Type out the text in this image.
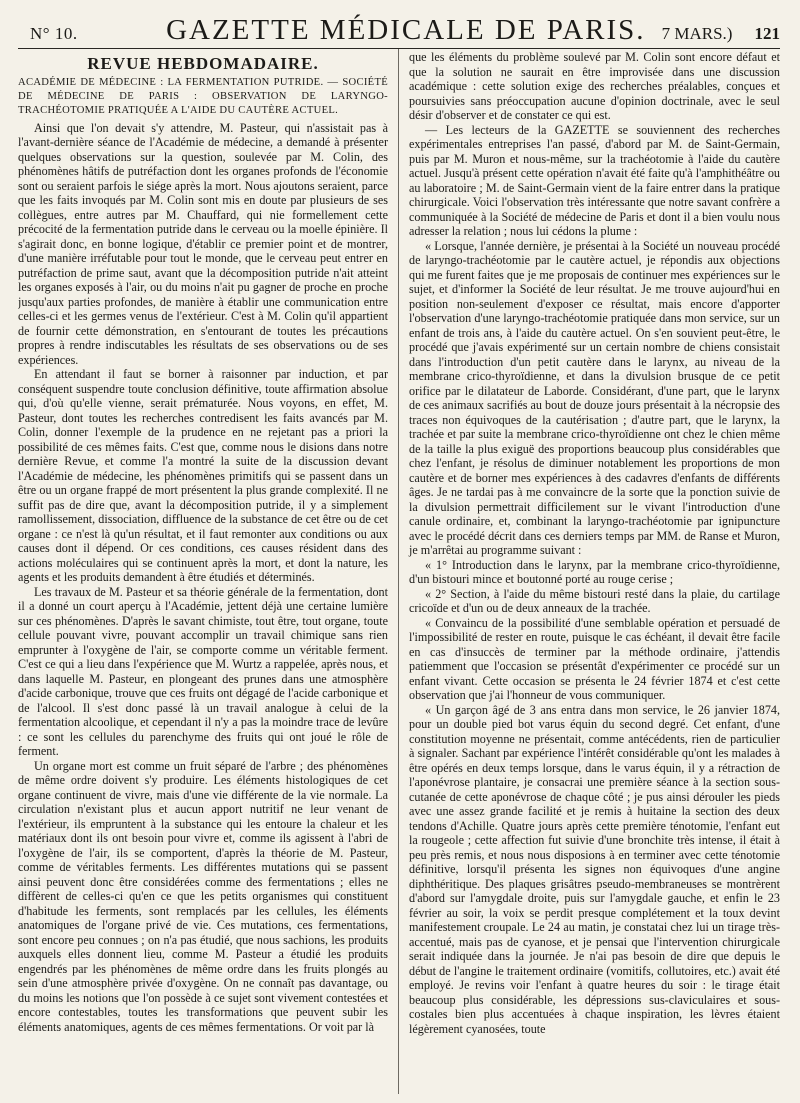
N° 10.	GAZETTE MÉDICALE DE PARIS. 7 MARS.) 121
REVUE HEBDOMADAIRE.
ACADÉMIE DE MÉDECINE : LA FERMENTATION PUTRIDE. — SOCIÉTÉ DE MÉDECINE DE PARIS : OBSERVATION DE LARYNGO-TRACHÉOTOMIE PRATIQUÉE A L'AIDE DU CAUTÈRE ACTUEL.

Ainsi que l'on devait s'y attendre, M. Pasteur, qui n'assistait pas à l'avant-dernière séance de l'Académie de médecine, a demandé à présenter quelques observations sur la question, soulevée par M. Colin, des phénomènes hâtifs de putréfaction dont les organes profonds de l'économie sont ou seraient parfois le siége après la mort. Nous ajoutons seraient, parce que les faits invoqués par M. Colin sont mis en doute par plusieurs de ses collègues, entre autres par M. Chauffard, qui nie formellement cette précocité de la fermentation putride dans le cerveau ou la moelle épinière. Il s'agirait donc, en bonne logique, d'établir ce premier point et de montrer, d'une manière irréfutable pour tout le monde, que le cerveau peut entrer en putréfaction de prime saut, avant que la décomposition putride n'ait atteint les organes exposés à l'air, ou du moins n'ait pu gagner de proche en proche jusqu'aux parties profondes, de manière à établir une communication entre celles-ci et les germes venus de l'extérieur. C'est à M. Colin qu'il appartient de fournir cette démonstration, en s'entourant de toutes les précautions propres à rendre indiscutables les résultats de ses observations ou de ses expériences.

En attendant il faut se borner à raisonner par induction, et par conséquent suspendre toute conclusion définitive, toute affirmation absolue qui, d'où qu'elle vienne, serait prématurée. Nous voyons, en effet, M. Pasteur, dont toutes les recherches contredisent les faits avancés par M. Colin, donner l'exemple de la prudence en ne rejetant pas a priori la possibilité de ces mêmes faits. C'est que, comme nous le disions dans notre dernière Revue, et comme l'a montré la suite de la discussion devant l'Académie de médecine, les phénomènes primitifs qui se passent dans un être ou un organe frappé de mort présentent la plus grande complexité. Il ne suffit pas de dire que, avant la décomposition putride, il y a simplement ramollissement, dissociation, diffluence de la substance de cet être ou de cet organe : ce n'est là qu'un résultat, et il faut remonter aux conditions ou aux causes dont il dépend. Or ces conditions, ces causes résident dans des actions moléculaires qui se continuent après la mort, et dont la nature, les agents et les produits demandent à être étudiés et déterminés.

Les travaux de M. Pasteur et sa théorie générale de la fermentation, dont il a donné un court aperçu à l'Académie, jettent déjà une certaine lumière sur ces phénomènes. D'après le savant chimiste, tout être, tout organe, toute cellule pouvant vivre, pouvant accomplir un travail chimique sans rien emprunter à l'oxygène de l'air, se comporte comme un véritable ferment. C'est ce qui a lieu dans l'expérience que M. Wurtz a rappelée, après nous, et dans laquelle M. Pasteur, en plongeant des prunes dans une atmosphère d'acide carbonique, trouve que ces fruits ont dégagé de l'acide carbonique et de l'alcool. Il s'est donc passé là un travail analogue à celui de la fermentation alcoolique, et cependant il n'y a pas la moindre trace de levûre : ce sont les cellules du parenchyme des fruits qui ont joué le rôle de ferment.

Un organe mort est comme un fruit séparé de l'arbre ; des phénomènes de même ordre doivent s'y produire. Les éléments histologiques de cet organe continuent de vivre, mais d'une vie différente de la vie normale. La circulation n'existant plus et aucun apport nutritif ne leur venant de l'extérieur, ils empruntent à la substance qui les entoure la chaleur et les matériaux dont ils ont besoin pour vivre et, comme ils agissent à l'abri de l'oxygène de l'air, ils se comportent, d'après la théorie de M. Pasteur, comme de véritables ferments. Les différentes mutations qui se passent ainsi peuvent donc être considérées comme des fermentations ; elles ne diffèrent de celles-ci qu'en ce que les petits organismes qui constituent d'habitude les ferments, sont remplacés par les cellules, les éléments anatomiques de l'organe privé de vie. Ces mutations, ces fermentations, sont encore peu connues ; on n'a pas étudié, que nous sachions, les produits auxquels elles donnent lieu, comme M. Pasteur a étudié les produits engendrés par les phénomènes de même ordre dans les fruits plongés au sein d'une atmosphère privée d'oxygène. On ne connaît pas davantage, ou du moins les notions que l'on possède à ce sujet sont vivement contestées et encore contestables, toutes les transformations que peuvent subir les éléments anatomiques, agents de ces mêmes fermentations. Or voit par là

que les éléments du problème soulevé par M. Colin sont encore défaut et que la solution ne saurait en être improvisée dans une discussion académique : cette solution exige des recherches préalables, conçues et poursuivies sans préoccupation aucune d'opinion doctrinale, avec le seul désir d'observer et de constater ce qui est.

— Les lecteurs de la GAZETTE se souviennent des recherches expérimentales entreprises l'an passé, d'abord par M. de Saint-Germain, puis par M. Muron et nous-même, sur la trachéotomie à l'aide du cautère actuel. Jusqu'à présent cette opération n'avait été faite qu'à l'amphithéâtre ou au laboratoire ; M. de Saint-Germain vient de la faire entrer dans la pratique chirurgicale. Voici l'observation très intéressante que notre savant confrère a communiquée à la Société de médecine de Paris et dont il a bien voulu nous adresser la relation ; nous lui cédons la plume :

« Lorsque, l'année dernière, je présentai à la Société un nouveau procédé de laryngo-trachéotomie par le cautère actuel, je répondis aux objections qui me furent faites que je me proposais de continuer mes expériences sur le sujet, et d'informer la Société de leur résultat. Je me trouve aujourd'hui en position non-seulement d'exposer ce résultat, mais encore d'apporter l'observation d'une laryngo-trachéotomie pratiquée dans mon service, sur un enfant de trois ans, à l'aide du cautère actuel. On s'en souvient peut-être, le procédé que j'avais expérimenté sur un certain nombre de chiens consistait dans l'introduction d'un petit cautère dans le larynx, au niveau de la membrane crico-thyroïdienne, et dans la divulsion brusque de ce petit orifice par le dilatateur de Laborde. Considérant, d'une part, que le larynx de ces animaux sacrifiés au bout de douze jours présentait à la nécropsie des traces non équivoques de la cautérisation ; d'autre part, que le larynx, la trachée et par suite la membrane crico-thyroïdienne ont chez le chien même de la taille la plus exiguë des proportions beaucoup plus considérables que chez l'enfant, je résolus de diminuer notablement les proportions de mon cautère et de borner mes expériences à des cadavres d'enfants de différents âges. Je ne tardai pas à me convaincre de la sorte que la ponction suivie de la divulsion permettrait difficilement sur le vivant l'introduction d'une canule ordinaire, et, combinant la laryngo-trachéotomie par ignipuncture avec le procédé décrit dans ces derniers temps par MM. de Ranse et Muron, je m'arrêtai au programme suivant :

« 1° Introduction dans le larynx, par la membrane crico-thyroïdienne, d'un bistouri mince et boutonné porté au rouge cerise ;

« 2° Section, à l'aide du même bistouri resté dans la plaie, du cartilage cricoïde et d'un ou de deux anneaux de la trachée.

« Convaincu de la possibilité d'une semblable opération et persuadé de l'impossibilité de rester en route, puisque le cas échéant, il devait être facile en cas d'insuccès de terminer par la méthode ordinaire, j'attendis patiemment que l'occasion se présentât d'expérimenter ce procédé sur un enfant vivant. Cette occasion se présenta le 24 février 1874 et c'est cette observation que j'ai l'honneur de vous communiquer.

« Un garçon âgé de 3 ans entra dans mon service, le 26 janvier 1874, pour un double pied bot varus équin du second degré. Cet enfant, d'une constitution moyenne ne présentait, comme antécédents, rien de particulier à signaler. Sachant par expérience l'intérêt considérable qu'ont les malades à être opérés en deux temps lorsque, dans le varus équin, il y a rétraction de l'aponévrose plantaire, je consacrai une première séance à la section sous-cutanée de cette aponévrose de chaque côté ; je pus ainsi dérouler les pieds avec une assez grande facilité et je remis à huitaine la section des deux tendons d'Achille. Quatre jours après cette première ténotomie, l'enfant eut la rougeole ; cette affection fut suivie d'une bronchite très intense, il était à peu près remis, et nous nous disposions à en terminer avec cette ténotomie définitive, lorsqu'il présenta les signes non équivoques d'une angine diphthéritique. Des plaques grisâtres pseudo-membraneuses se montrèrent d'abord sur l'amygdale droite, puis sur l'amygdale gauche, et enfin le 23 février au soir, la voix se perdit presque complétement et la toux devint manifestement croupale. Le 24 au matin, je constatai chez lui un tirage très-accentué, mais pas de cyanose, et je pensai que l'intervention chirurgicale serait indiquée dans la journée. Je n'ai pas besoin de dire que depuis le début de l'angine le traitement ordinaire (vomitifs, collutoires, etc.) avait été employé. Je revins voir l'enfant à quatre heures du soir : le tirage était beaucoup plus considérable, les dépressions sus-claviculaires et sous-costales bien plus accentuées à chaque inspiration, les lèvres étaient légèrement cyanosées, toute
